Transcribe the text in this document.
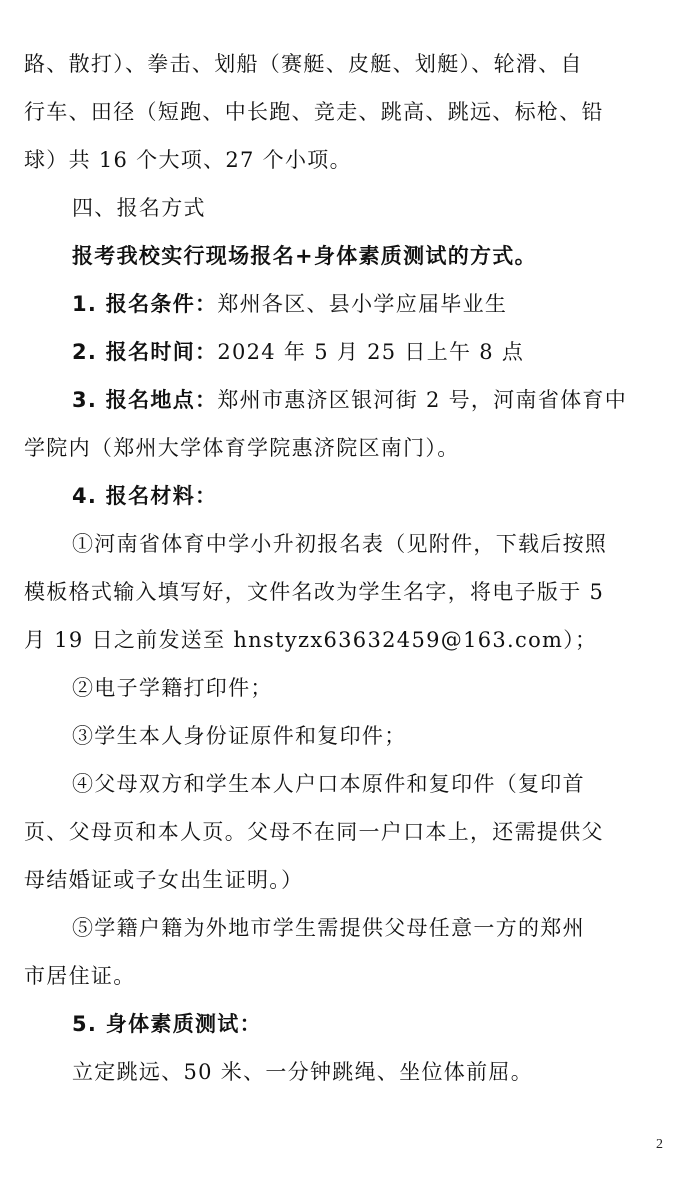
路、散打）、拳击、划船（赛艇、皮艇、划艇）、轮滑、自
行车、田径（短跑、中长跑、竞走、跳高、跳远、标枪、铅
球）共 16 个大项、27 个小项。
四、报名方式
报考我校实行现场报名+身体素质测试的方式。
1. 报名条件：郑州各区、县小学应届毕业生
2. 报名时间：2024 年 5 月 25 日上午 8 点
3. 报名地点：郑州市惠济区银河街 2 号，河南省体育中
学院内（郑州大学体育学院惠济院区南门）。
4. 报名材料：
①河南省体育中学小升初报名表（见附件，下载后按照
模板格式输入填写好，文件名改为学生名字，将电子版于 5
月 19 日之前发送至 hnstyzx63632459@163.com）；
②电子学籍打印件；
③学生本人身份证原件和复印件；
④父母双方和学生本人户口本原件和复印件（复印首
页、父母页和本人页。父母不在同一户口本上，还需提供父
母结婚证或子女出生证明。）
⑤学籍户籍为外地市学生需提供父母任意一方的郑州
市居住证。
5. 身体素质测试：
立定跳远、50 米、一分钟跳绳、坐位体前屈。
2
